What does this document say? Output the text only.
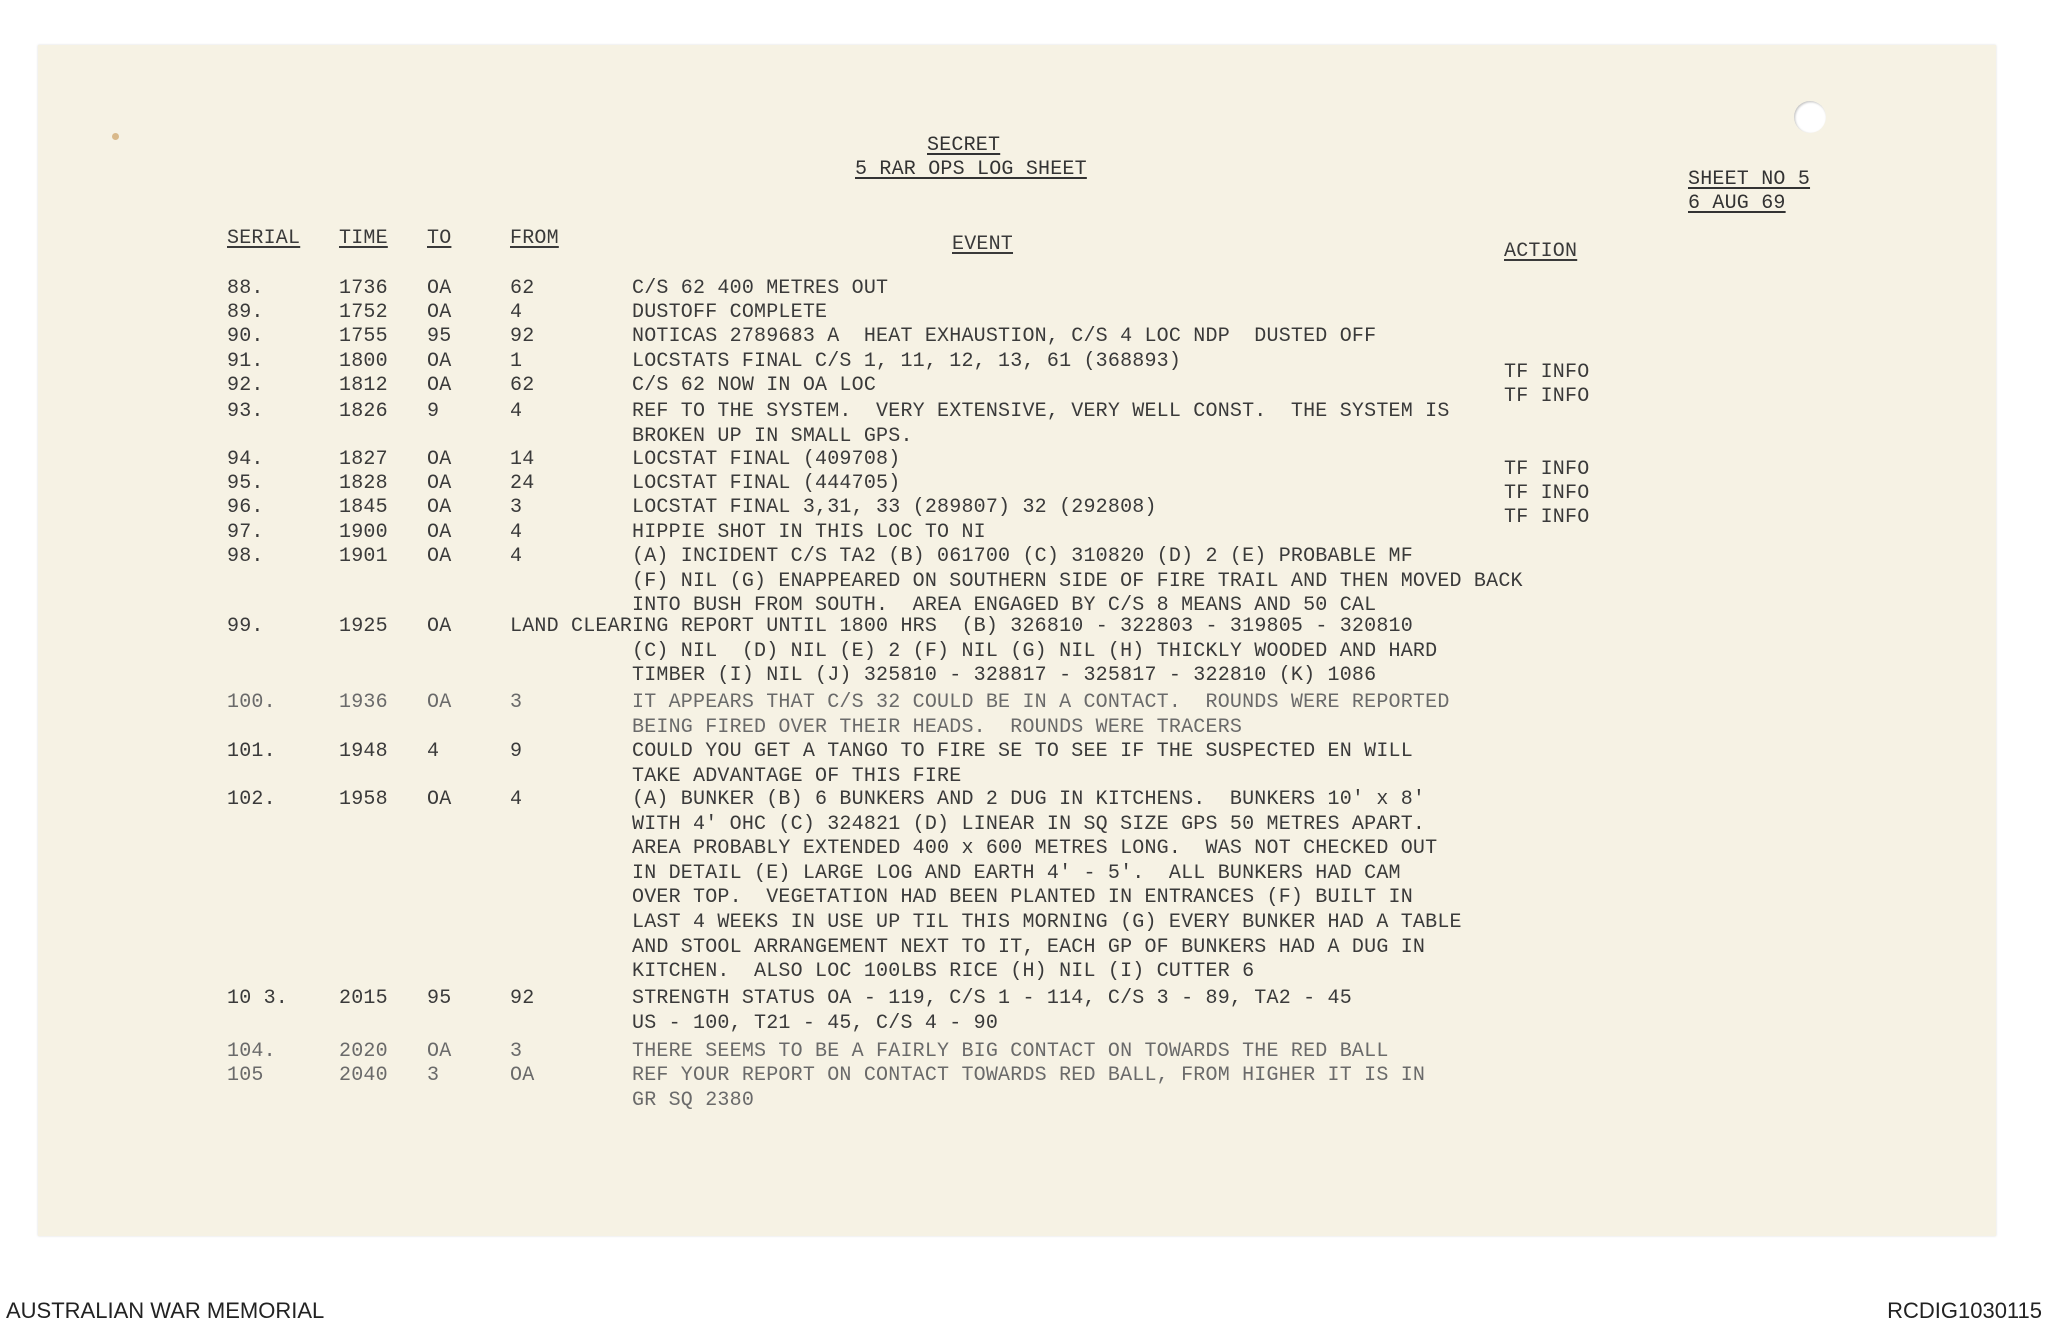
SECRET
5 RAR OPS LOG SHEET	SHEET NO 5
6 AUG 69
SERIAL TIME TO	FROM	EVENT	ACTION
88.	1736 OA	62	C/S 62 400 METRES OUT
89.	1752 OA	4	DUSTOFF COMPLETE
90.	1755 95	92	NOTICAS 2789683 A  HEAT EXHAUSTION, C/S 4 LOC NDP  DUSTED OFF
91.	1800 OA	1	LOCSTATS FINAL C/S 1, 11, 12, 13, 61 (368893)	TF INFO
92.	1812 OA	62	C/S 62 NOW IN OA LOC	TF INFO
93.	1826 9	4	REF TO THE SYSTEM.  VERY EXTENSIVE, VERY WELL CONST.  THE SYSTEM IS
BROKEN UP IN SMALL GPS.
94.	1827 OA	14	LOCSTAT FINAL (409708)	TF INFO
95.	1828 OA	24	LOCSTAT FINAL (444705)	TF INFO
96.	1845 OA	3	LOCSTAT FINAL 3,31, 33 (289807) 32 (292808)	TF INFO
97.	1900 OA	4	HIPPIE SHOT IN THIS LOC TO NI
98.	1901 OA	4	(A) INCIDENT C/S TA2 (B) 061700 (C) 310820 (D) 2 (E) PROBABLE MF
(F) NIL (G) ENAPPEARED ON SOUTHERN SIDE OF FIRE TRAIL AND THEN MOVED BACK
INTO BUSH FROM SOUTH.  AREA ENGAGED BY C/S 8 MEANS AND 50 CAL
99.	1925 OA	LAND CLEARING REPORT UNTIL 1800 HRS  (B) 326810 - 322803 - 319805 - 320810
(C) NIL  (D) NIL (E) 2 (F) NIL (G) NIL (H) THICKLY WOODED AND HARD
TIMBER (I) NIL (J) 325810 - 328817 - 325817 - 322810 (K) 1086
100.	1936 OA	3	IT APPEARS THAT C/S 32 COULD BE IN A CONTACT.  ROUNDS WERE REPORTED
BEING FIRED OVER THEIR HEADS.  ROUNDS WERE TRACERS
101.	1948 4	9	COULD YOU GET A TANGO TO FIRE SE TO SEE IF THE SUSPECTED EN WILL
TAKE ADVANTAGE OF THIS FIRE
102.	1958 OA	4	(A) BUNKER (B) 6 BUNKERS AND 2 DUG IN KITCHENS.  BUNKERS 10' x 8'
WITH 4' OHC (C) 324821 (D) LINEAR IN SQ SIZE GPS 50 METRES APART.
AREA PROBABLY EXTENDED 400 x 600 METRES LONG.  WAS NOT CHECKED OUT
IN DETAIL (E) LARGE LOG AND EARTH 4' - 5'.  ALL BUNKERS HAD CAM
OVER TOP.  VEGETATION HAD BEEN PLANTED IN ENTRANCES (F) BUILT IN
LAST 4 WEEKS IN USE UP TIL THIS MORNING (G) EVERY BUNKER HAD A TABLE
AND STOOL ARRANGEMENT NEXT TO IT, EACH GP OF BUNKERS HAD A DUG IN
KITCHEN.  ALSO LOC 100LBS RICE (H) NIL (I) CUTTER 6
10 3.	2015 95	92	STRENGTH STATUS OA - 119, C/S 1 - 114, C/S 3 - 89, TA2 - 45
US - 100, T21 - 45, C/S 4 - 90
104.	2020 OA	3	THERE SEEMS TO BE A FAIRLY BIG CONTACT ON TOWARDS THE RED BALL
105	2040 3	OA	REF YOUR REPORT ON CONTACT TOWARDS RED BALL, FROM HIGHER IT IS IN
GR SQ 2380
AUSTRALIAN WAR MEMORIAL	RCDIG1030115
